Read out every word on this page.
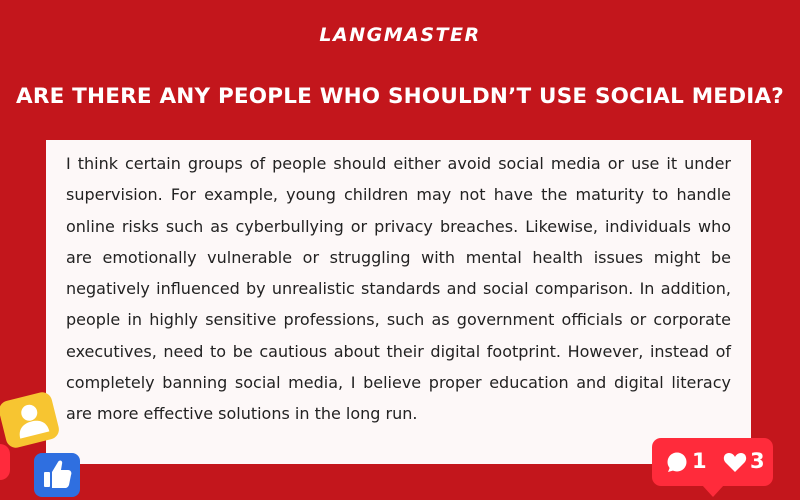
LANGMASTER
ARE THERE ANY PEOPLE WHO SHOULDN’T USE SOCIAL MEDIA?

I think certain groups of people should either avoid social media or use it under supervision. For example, young children may not have the maturity to handle online risks such as cyberbullying or privacy breaches. Likewise, individuals who are emotionally vulnerable or struggling with mental health issues might be negatively influenced by unrealistic standards and social comparison. In addition, people in highly sensitive professions, such as government officials or corporate executives, need to be cautious about their digital footprint. However, instead of completely banning social media, I believe proper education and digital literacy are more effective solutions in the long run.

1 3
